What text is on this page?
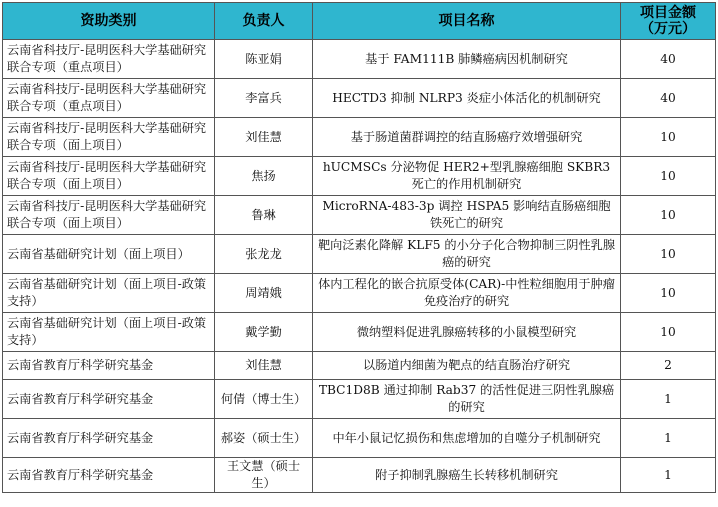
资助类别	负责人	项目名称	项目金额
（万元）
云南省科技厅-昆明医科大学基础研究联合专项（重点项目）	陈亚娟	基于 FAM111B 肺鳞癌病因机制研究	40
云南省科技厅-昆明医科大学基础研究联合专项（重点项目）	李富兵	HECTD3 抑制 NLRP3 炎症小体活化的机制研究	40
云南省科技厅-昆明医科大学基础研究联合专项（面上项目）	刘佳慧	基于肠道菌群调控的结直肠癌疗效增强研究	10
云南省科技厅-昆明医科大学基础研究联合专项（面上项目）	焦扬	hUCMSCs 分泌物促 HER2+型乳腺癌细胞 SKBR3 死亡的作用机制研究	10
云南省科技厅-昆明医科大学基础研究联合专项（面上项目）	鲁琳	MicroRNA-483-3p 调控 HSPA5 影响结直肠癌细胞铁死亡的研究	10
云南省基础研究计划（面上项目）	张龙龙	靶向泛素化降解 KLF5 的小分子化合物抑制三阴性乳腺癌的研究	10
云南省基础研究计划（面上项目-政策支持）	周靖娥	体内工程化的嵌合抗原受体(CAR)-中性粒细胞用于肿瘤免疫治疗的研究	10
云南省基础研究计划（面上项目-政策支持）	戴学勤	微纳塑料促进乳腺癌转移的小鼠模型研究	10
云南省教育厅科学研究基金	刘佳慧	以肠道内细菌为靶点的结直肠治疗研究	2
云南省教育厅科学研究基金	何倩（博士生）	TBC1D8B 通过抑制 Rab37 的活性促进三阴性乳腺癌的研究	1
云南省教育厅科学研究基金	郝姿（硕士生）	中年小鼠记忆损伤和焦虑增加的自噬分子机制研究	1
云南省教育厅科学研究基金	王文慧（硕士生）	附子抑制乳腺癌生长转移机制研究	1
